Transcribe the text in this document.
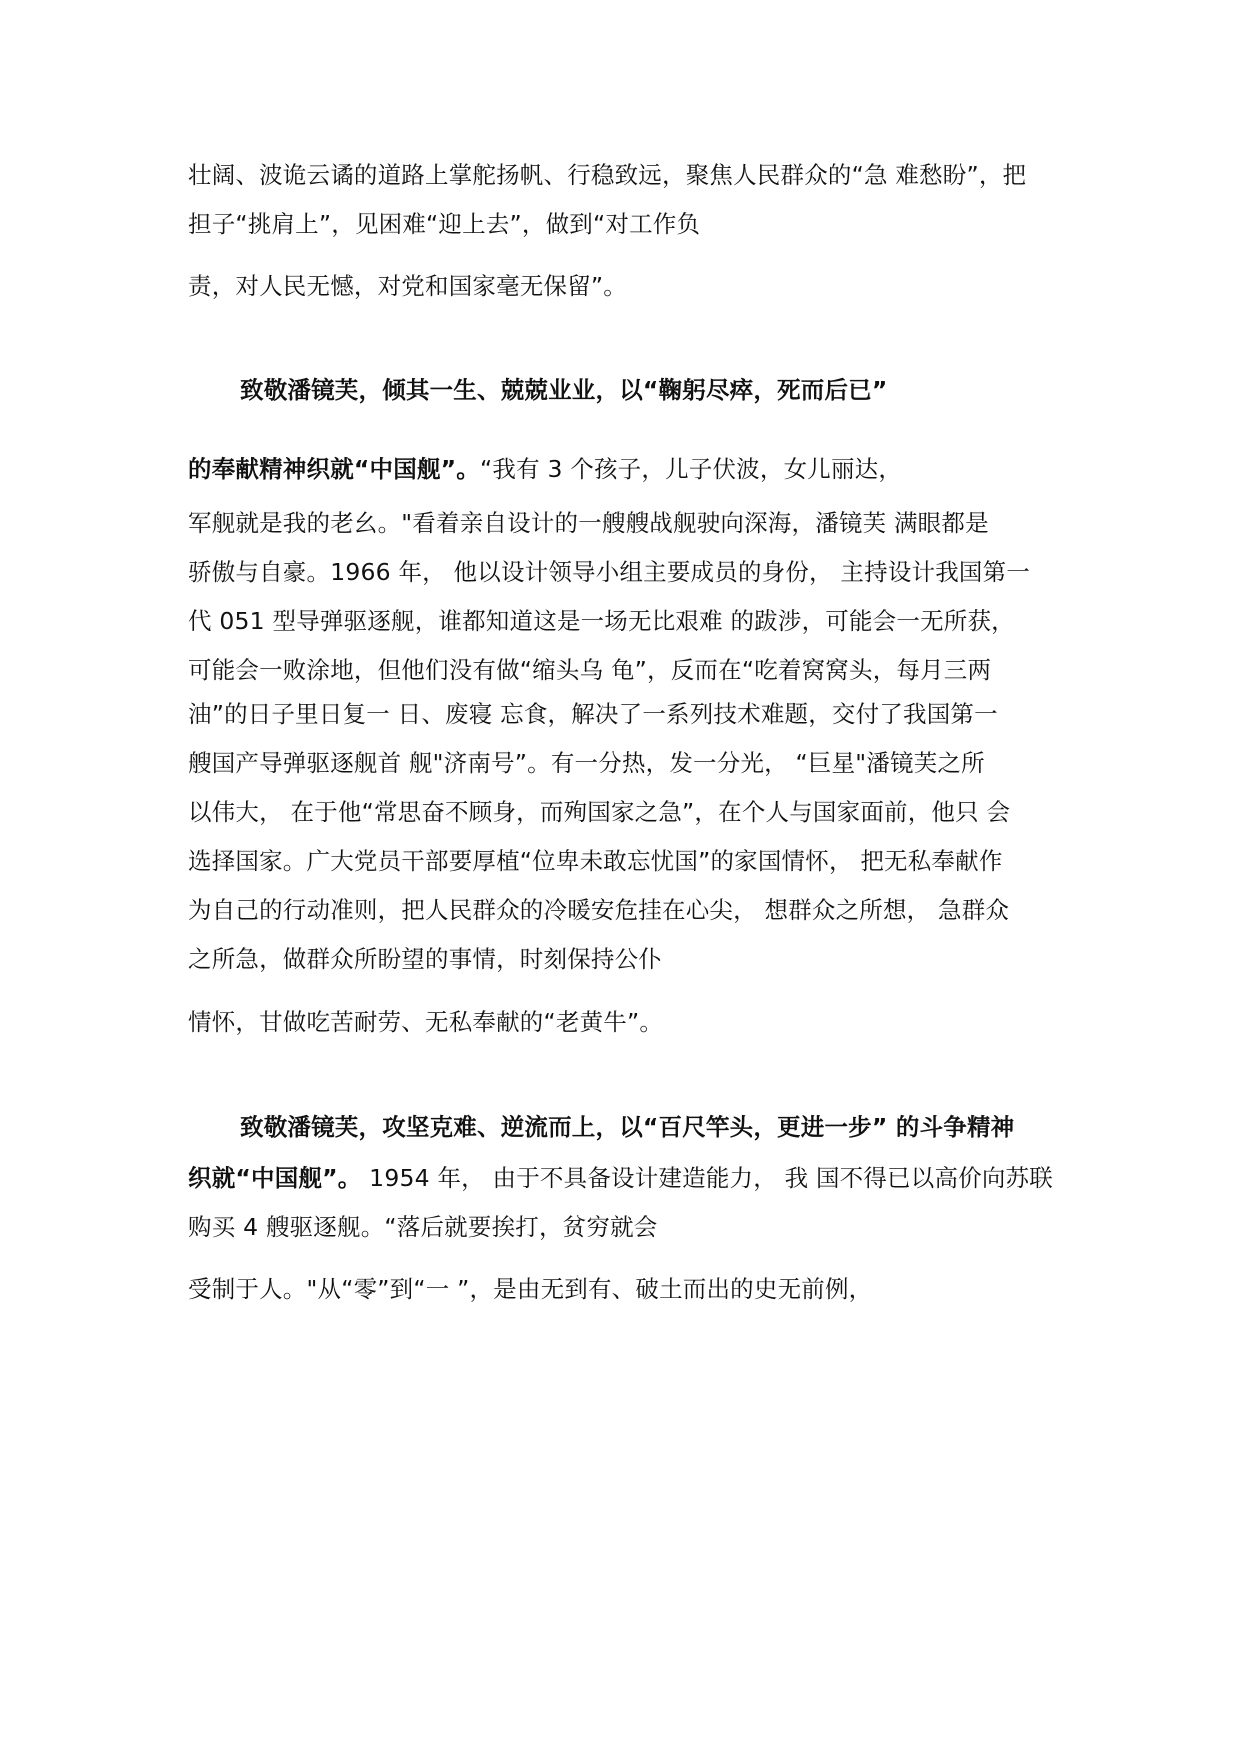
壮阔、波诡云谲的道路上掌舵扬帆、行稳致远，聚焦人民群众的“急 难愁盼”，把
担子“挑肩上”，见困难“迎上去”，做到“对工作负
责，对人民无憾，对党和国家毫无保留”。
致敬潘镜芙，倾其一生、兢兢业业，以“鞠躬尽瘁，死而后已”
的奉献精神织就“中国舰”。“我有 3 个孩子，儿子伏波，女儿丽达，
军舰就是我的老幺。"看着亲自设计的一艘艘战舰驶向深海，潘镜芙 满眼都是
骄傲与自豪。1966 年， 他以设计领导小组主要成员的身份， 主持设计我国第一
代 051 型导弹驱逐舰，谁都知道这是一场无比艰难 的跋涉，可能会一无所获，
可能会一败涂地，但他们没有做“缩头乌 龟”，反而在“吃着窝窝头，每月三两
油”的日子里日复一 日、废寝 忘食，解决了一系列技术难题，交付了我国第一
艘国产导弹驱逐舰首 舰"济南号”。有一分热，发一分光， “巨星"潘镜芙之所
以伟大， 在于他“常思奋不顾身，而殉国家之急”，在个人与国家面前，他只 会
选择国家。广大党员干部要厚植“位卑未敢忘忧国”的家国情怀， 把无私奉献作
为自己的行动准则，把人民群众的冷暖安危挂在心尖， 想群众之所想， 急群众
之所急，做群众所盼望的事情，时刻保持公仆
情怀，甘做吃苦耐劳、无私奉献的“老黄牛”。
致敬潘镜芙，攻坚克难、逆流而上，以“百尺竿头，更进一步” 的斗争精神
织就“中国舰”。 1954 年， 由于不具备设计建造能力， 我 国不得已以高价向苏联
购买 4 艘驱逐舰。“落后就要挨打，贫穷就会
受制于人。"从“零”到“一 ”，是由无到有、破土而出的史无前例，
